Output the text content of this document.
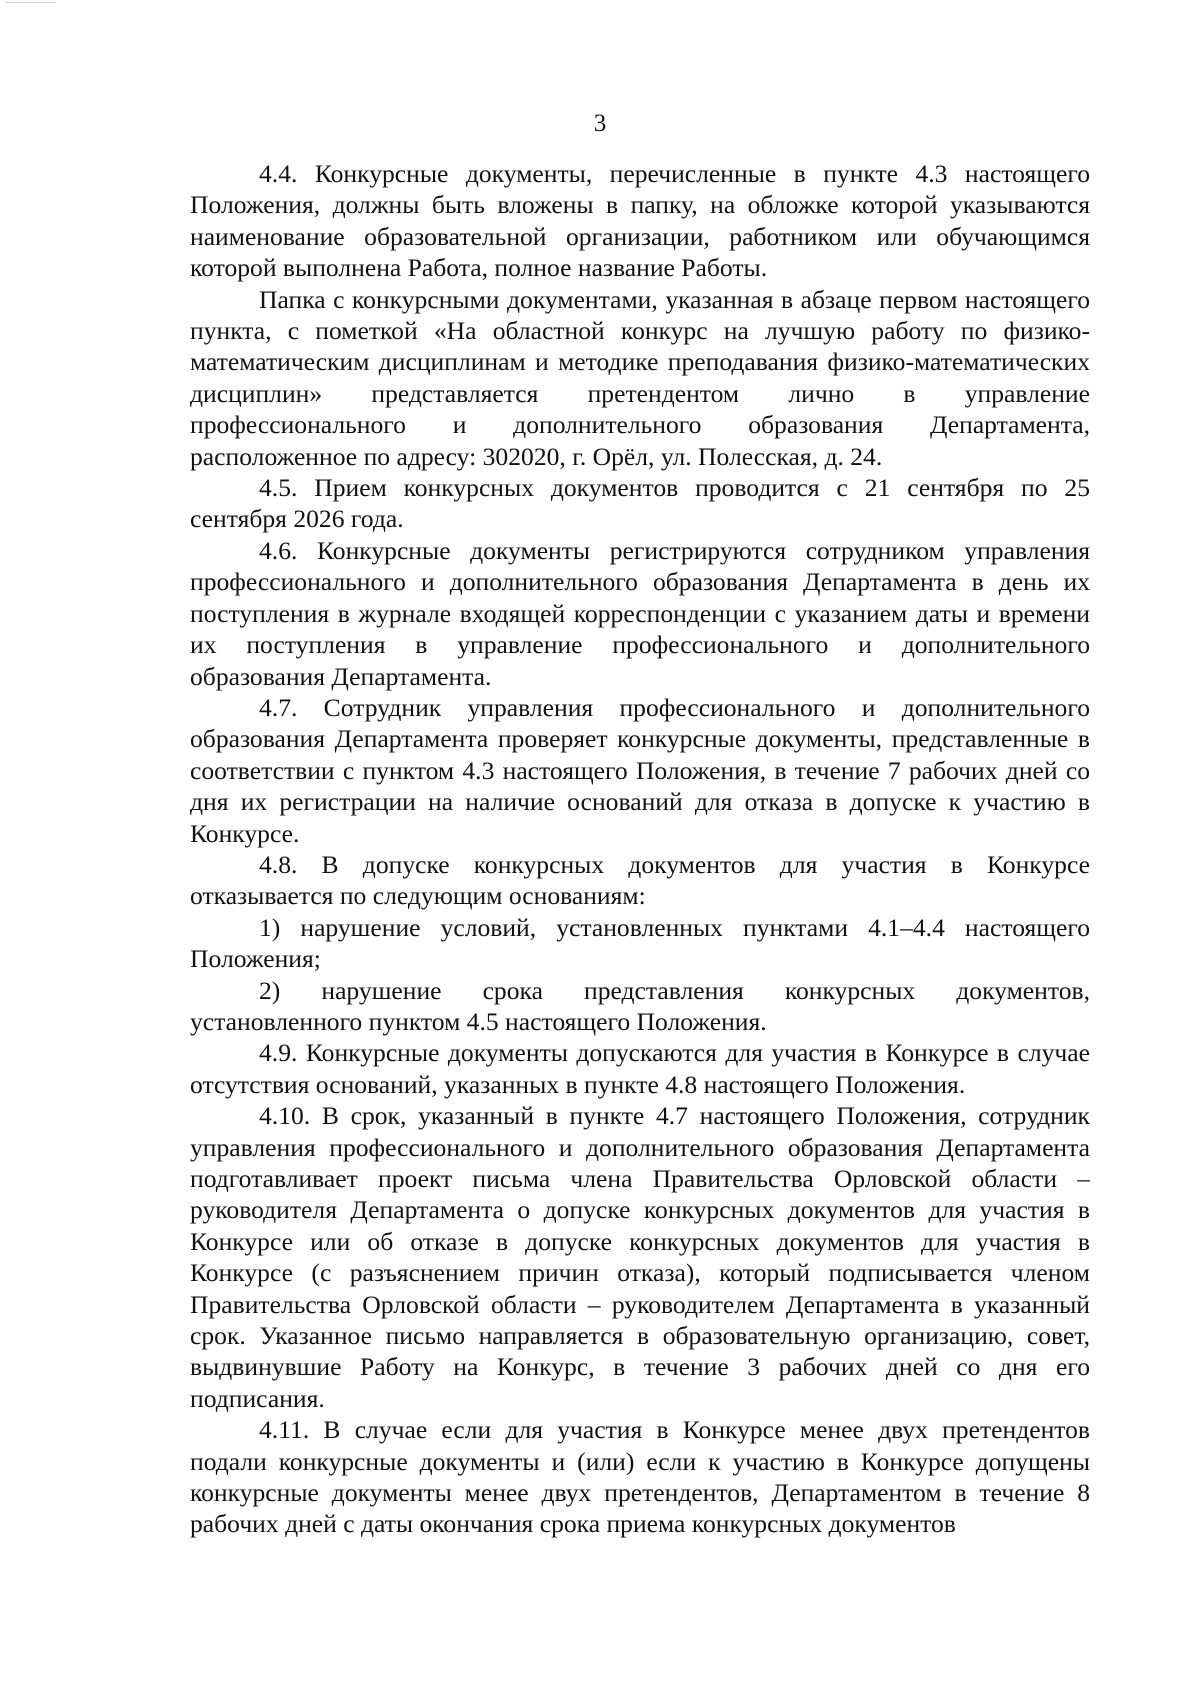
3

4.4. Конкурсные документы, перечисленные в пункте 4.3 настоящего Положения, должны быть вложены в папку, на обложке которой указываются наименование образовательной организации, работником или обучающимся которой выполнена Работа, полное название Работы.

Папка с конкурсными документами, указанная в абзаце первом настоящего пункта, с пометкой «На областной конкурс на лучшую работу по физико-математическим дисциплинам и методике преподавания физико-математических дисциплин» представляется претендентом лично в управление профессионального и дополнительного образования Департамента, расположенное по адресу: 302020, г. Орёл, ул. Полесская, д. 24.

4.5. Прием конкурсных документов проводится с 21 сентября по 25 сентября 2026 года.

4.6. Конкурсные документы регистрируются сотрудником управления профессионального и дополнительного образования Департамента в день их поступления в журнале входящей корреспонденции с указанием даты и времени их поступления в управление профессионального и дополнительного образования Департамента.

4.7. Сотрудник управления профессионального и дополнительного образования Департамента проверяет конкурсные документы, представленные в соответствии с пунктом 4.3 настоящего Положения, в течение 7 рабочих дней со дня их регистрации на наличие оснований для отказа в допуске к участию в Конкурсе.

4.8. В допуске конкурсных документов для участия в Конкурсе отказывается по следующим основаниям:

1) нарушение условий, установленных пунктами 4.1–4.4 настоящего Положения;

2) нарушение срока представления конкурсных документов, установленного пунктом 4.5 настоящего Положения.

4.9. Конкурсные документы допускаются для участия в Конкурсе в случае отсутствия оснований, указанных в пункте 4.8 настоящего Положения.

4.10. В срок, указанный в пункте 4.7 настоящего Положения, сотрудник управления профессионального и дополнительного образования Департамента подготавливает проект письма члена Правительства Орловской области – руководителя Департамента о допуске конкурсных документов для участия в Конкурсе или об отказе в допуске конкурсных документов для участия в Конкурсе (с разъяснением причин отказа), который подписывается членом Правительства Орловской области – руководителем Департамента в указанный срок. Указанное письмо направляется в образовательную организацию, совет, выдвинувшие Работу на Конкурс, в течение 3 рабочих дней со дня его подписания.

4.11. В случае если для участия в Конкурсе менее двух претендентов подали конкурсные документы и (или) если к участию в Конкурсе допущены конкурсные документы менее двух претендентов, Департаментом в течение 8 рабочих дней с даты окончания срока приема конкурсных документов
